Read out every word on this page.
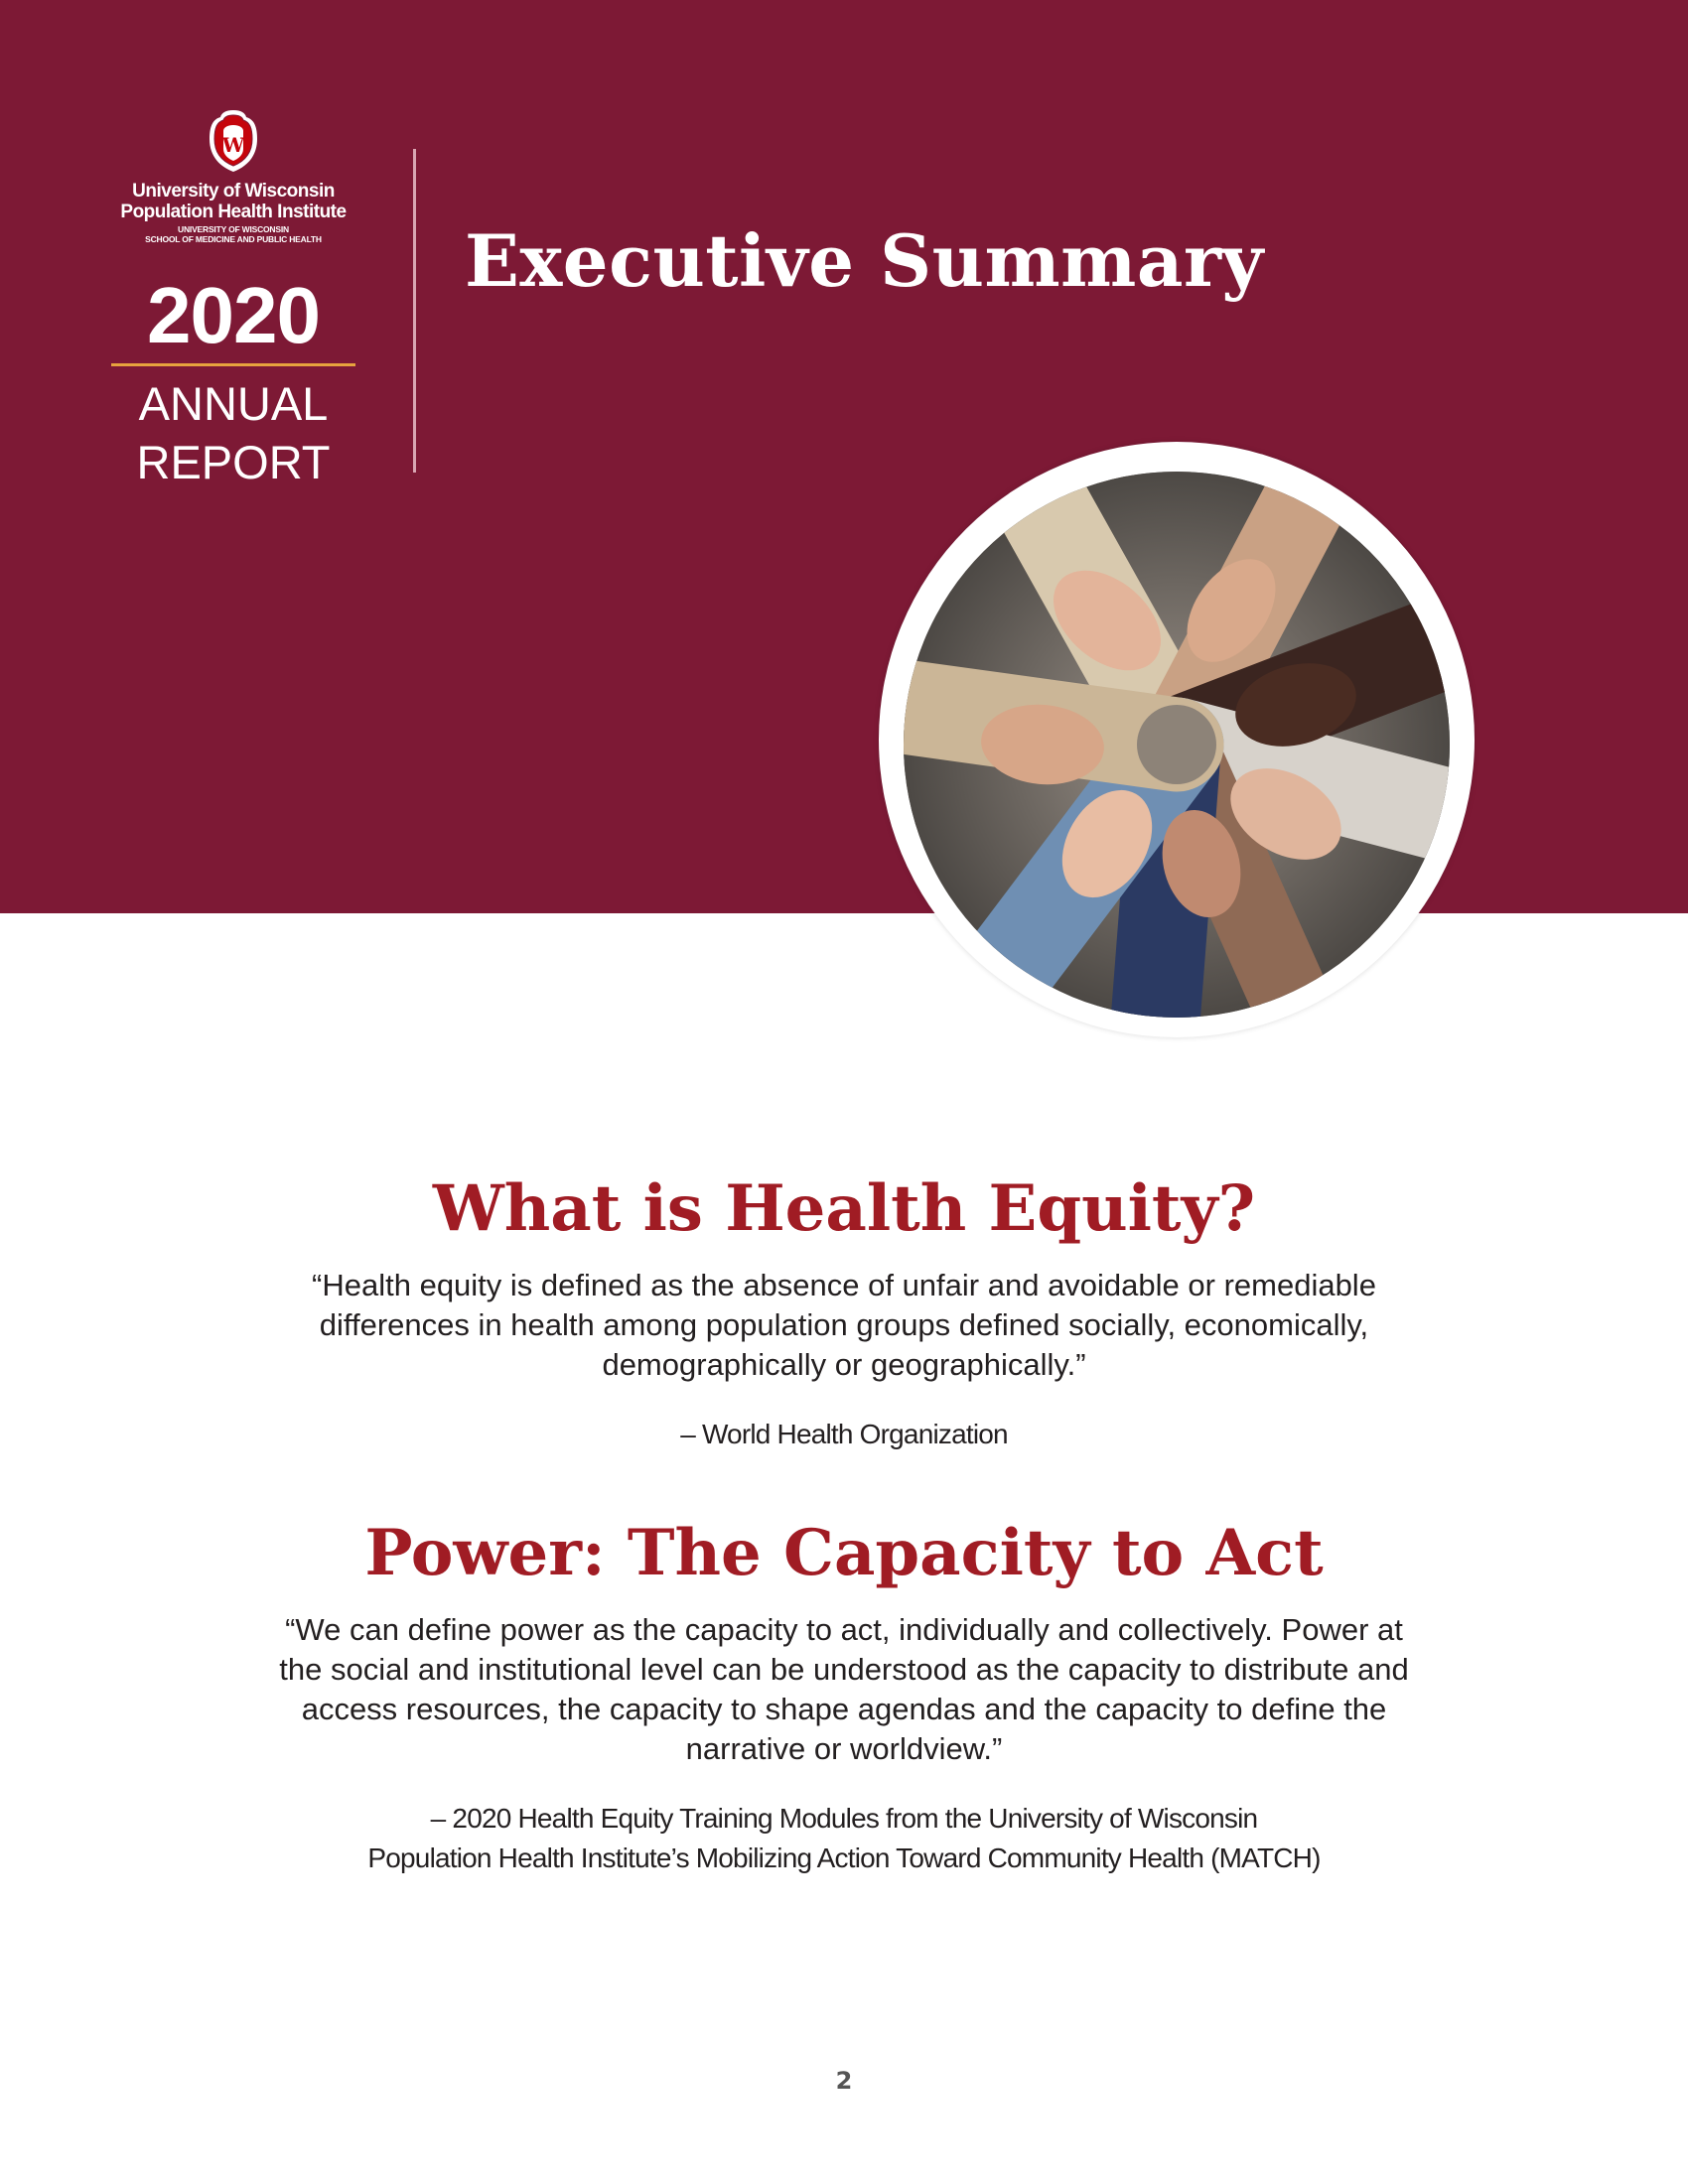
W
University of Wisconsin
Population Health Institute
UNIVERSITY OF WISCONSIN
SCHOOL OF MEDICINE AND PUBLIC HEALTH
2020
ANNUAL
REPORT
Executive Summary
What is Health Equity?
“Health equity is defined as the absence of unfair and avoidable or remediable
differences in health among population groups defined socially, economically,
demographically or geographically.”
– World Health Organization
Power: The Capacity to Act
“We can define power as the capacity to act, individually and collectively. Power at
the social and institutional level can be understood as the capacity to distribute and
access resources, the capacity to shape agendas and the capacity to define the
narrative or worldview.”
– 2020 Health Equity Training Modules from the University of Wisconsin
Population Health Institute’s Mobilizing Action Toward Community Health (MATCH)
2
